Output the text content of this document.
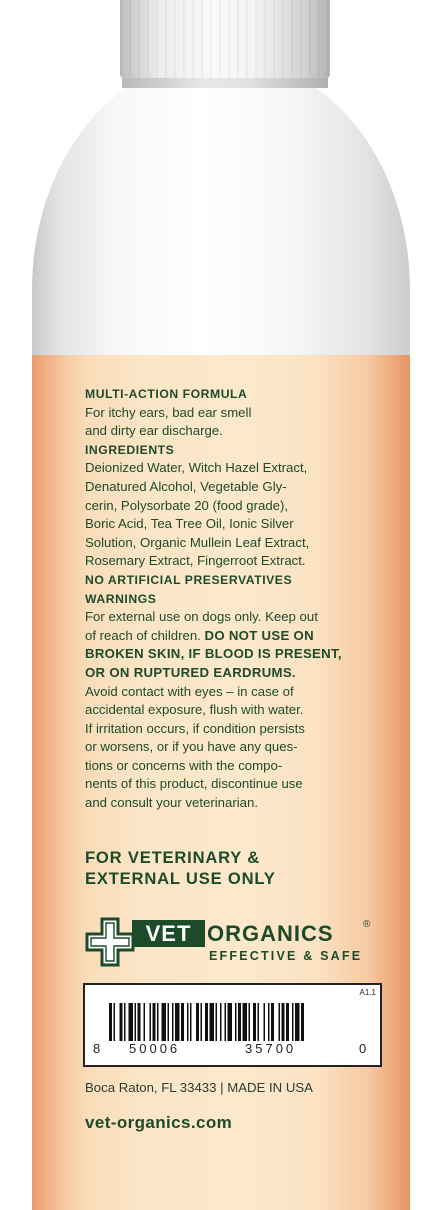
MULTI-ACTION FORMULA

For itchy ears, bad ear smell

and dirty ear discharge.

INGREDIENTS

Deionized Water, Witch Hazel Extract,

Denatured Alcohol, Vegetable Gly-

cerin, Polysorbate 20 (food grade),

Boric Acid, Tea Tree Oil, Ionic Silver

Solution, Organic Mullein Leaf Extract,

Rosemary Extract, Fingerroot Extract.

NO ARTIFICIAL PRESERVATIVES

WARNINGS

For external use on dogs only. Keep out

of reach of children. DO NOT USE ON

BROKEN SKIN, IF BLOOD IS PRESENT,

OR ON RUPTURED EARDRUMS.

Avoid contact with eyes – in case of

accidental exposure, flush with water.

If irritation occurs, if condition persists

or worsens, or if you have any ques-

tions or concerns with the compo-

nents of this product, discontinue use

and consult your veterinarian.

FOR VETERINARY &
EXTERNAL USE ONLY
VET ORGANICS	®
EFFECTIVE & SAFE
A1.1
8 50006	35700	0
Boca Raton, FL 33433 | MADE IN USA
vet-organics.com
